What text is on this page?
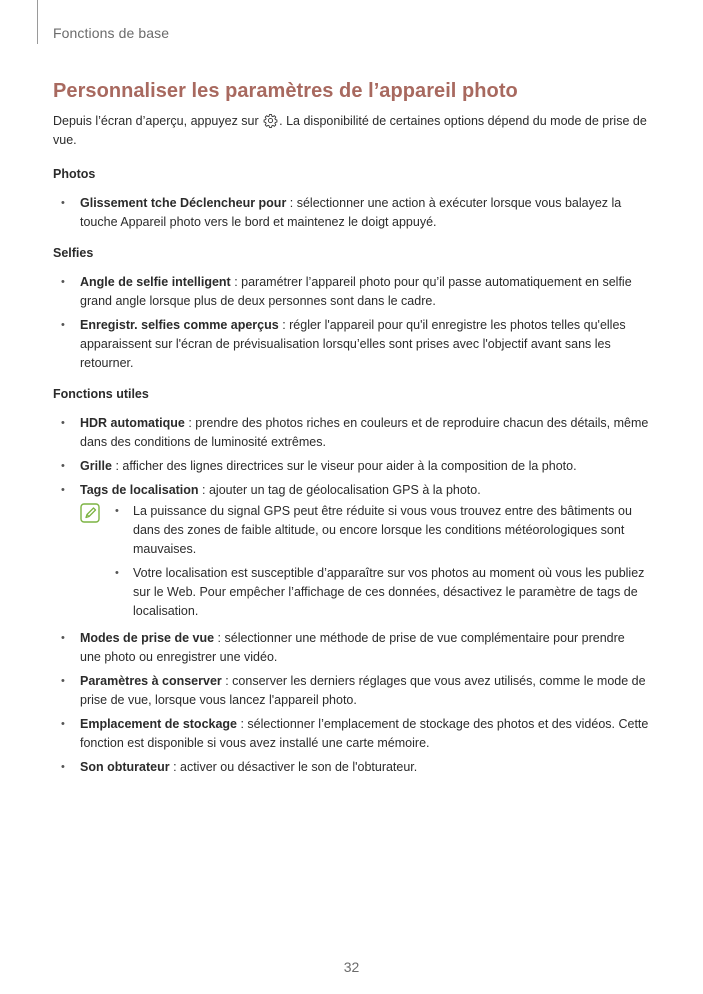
Fonctions de base
Personnaliser les paramètres de l’appareil photo

Depuis l’écran d’aperçu, appuyez sur . La disponibilité de certaines options dépend du mode de prise de vue.

Photos
• Glissement tche Déclencheur pour : sélectionner une action à exécuter lorsque vous balayez la touche Appareil photo vers le bord et maintenez le doigt appuyé.
Selfies
• Angle de selfie intelligent : paramétrer l’appareil photo pour qu’il passe automatiquement en selfie grand angle lorsque plus de deux personnes sont dans le cadre.
• Enregistr. selfies comme aperçus : régler l'appareil pour qu'il enregistre les photos telles qu'elles apparaissent sur l'écran de prévisualisation lorsqu’elles sont prises avec l'objectif avant sans les retourner.
Fonctions utiles
• HDR automatique : prendre des photos riches en couleurs et de reproduire chacun des détails, même dans des conditions de luminosité extrêmes.
• Grille : afficher des lignes directrices sur le viseur pour aider à la composition de la photo.
• Tags de localisation : ajouter un tag de géolocalisation GPS à la photo.
• La puissance du signal GPS peut être réduite si vous vous trouvez entre des bâtiments ou dans des zones de faible altitude, ou encore lorsque les conditions météorologiques sont mauvaises.
• Votre localisation est susceptible d’apparaître sur vos photos au moment où vous les publiez sur le Web. Pour empêcher l’affichage de ces données, désactivez le paramètre de tags de localisation.
• Modes de prise de vue : sélectionner une méthode de prise de vue complémentaire pour prendre une photo ou enregistrer une vidéo.
• Paramètres à conserver : conserver les derniers réglages que vous avez utilisés, comme le mode de prise de vue, lorsque vous lancez l'appareil photo.
• Emplacement de stockage : sélectionner l’emplacement de stockage des photos et des vidéos. Cette fonction est disponible si vous avez installé une carte mémoire.
• Son obturateur : activer ou désactiver le son de l'obturateur.
32
